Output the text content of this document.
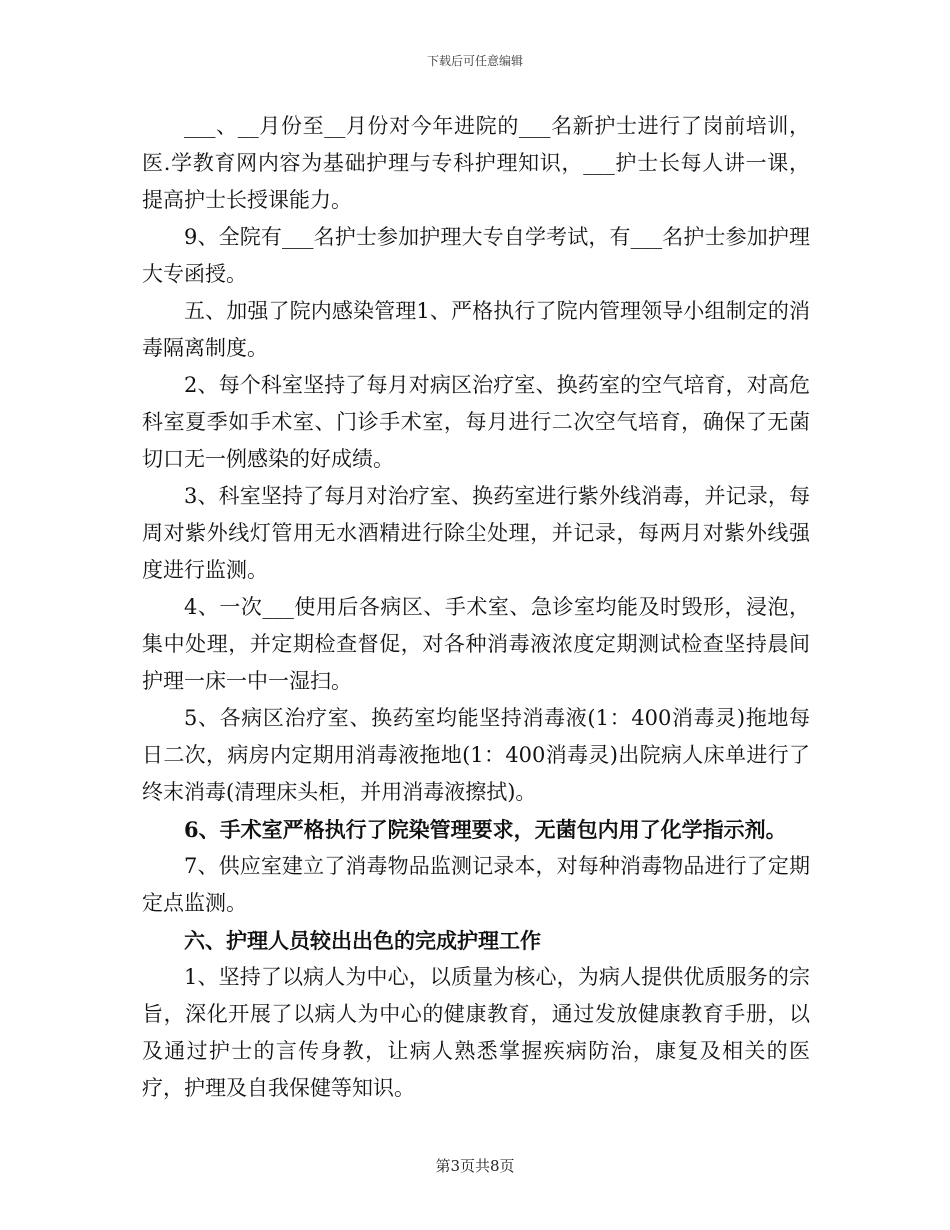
下载后可任意编辑

___、__月份至__月份对今年进院的___名新护士进行了岗前培训，医.学教育网内容为基础护理与专科护理知识，___护士长每人讲一课，提高护士长授课能力。

9、全院有___名护士参加护理大专自学考试，有___名护士参加护理大专函授。

五、加强了院内感染管理1、严格执行了院内管理领导小组制定的消毒隔离制度。

2、每个科室坚持了每月对病区治疗室、换药室的空气培育，对高危科室夏季如手术室、门诊手术室，每月进行二次空气培育，确保了无菌切口无一例感染的好成绩。

3、科室坚持了每月对治疗室、换药室进行紫外线消毒，并记录，每周对紫外线灯管用无水酒精进行除尘处理，并记录，每两月对紫外线强度进行监测。

4、一次___使用后各病区、手术室、急诊室均能及时毁形，浸泡，集中处理，并定期检查督促，对各种消毒液浓度定期测试检查坚持晨间护理一床一中一湿扫。

5、各病区治疗室、换药室均能坚持消毒液(1：400消毒灵)拖地每日二次，病房内定期用消毒液拖地(1：400消毒灵)出院病人床单进行了终末消毒(清理床头柜，并用消毒液擦拭)。

6、手术室严格执行了院染管理要求，无菌包内用了化学指示剂。

7、供应室建立了消毒物品监测记录本，对每种消毒物品进行了定期定点监测。

六、护理人员较出出色的完成护理工作

1、坚持了以病人为中心，以质量为核心，为病人提供优质服务的宗旨，深化开展了以病人为中心的健康教育，通过发放健康教育手册，以及通过护士的言传身教，让病人熟悉掌握疾病防治，康复及相关的医疗，护理及自我保健等知识。

第3页共8页
